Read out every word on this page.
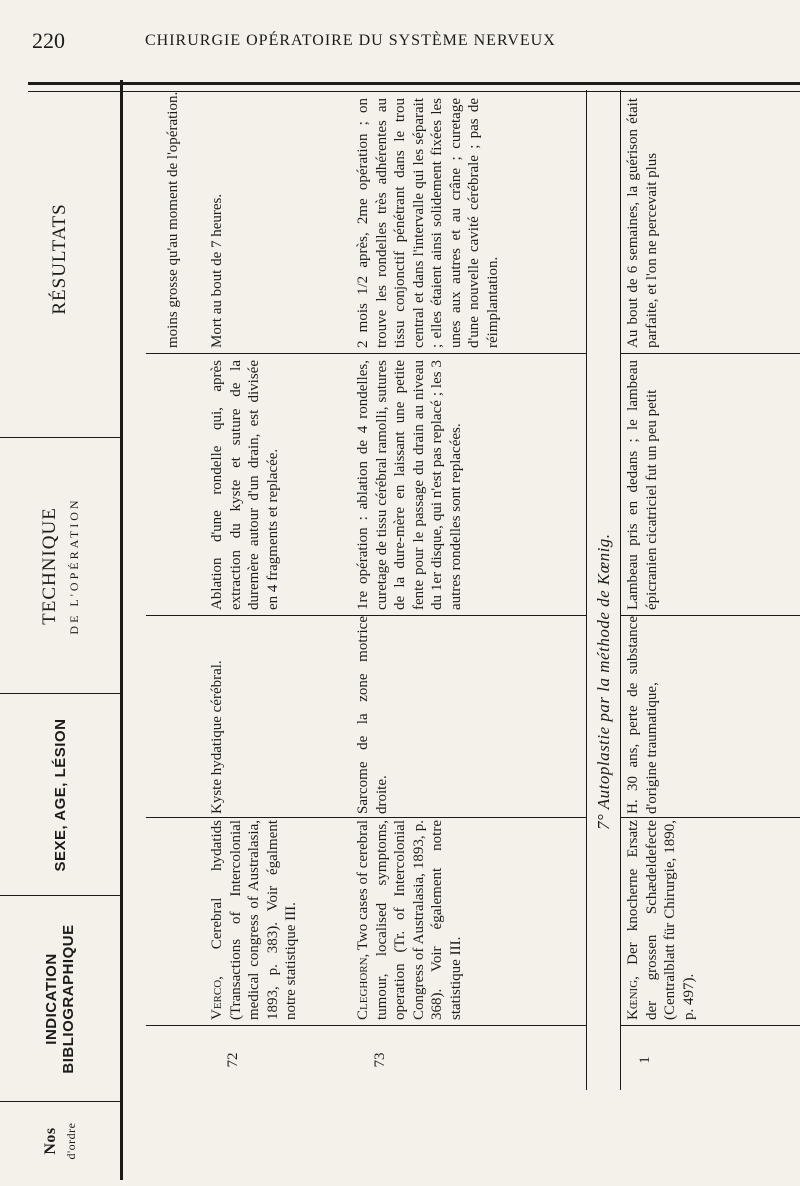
220	CHIRURGIE OPÉRATOIRE DU SYSTÈME NERVEUX
Nos d'ordre
INDICATION BIBLIOGRAPHIQUE
SEXE, AGE, LÉSION
TECHNIQUE DE L'OPÉRATION
RÉSULTATS	moins grosse qu'au moment de l'opération.
72
Verco, Cerebral hydatids (Transactions of Intercolonial medical congress of Australasia, 1893, p. 383). Voir égalment notre statistique III.
Kyste hydatique cérébral.
Ablation d'une rondelle qui, après extraction du kyste et suture de la duremère autour d'un drain, est divisée en 4 fragments et replacée.
Mort au bout de 7 heures.
73
Cleghorn, Two cases of cerebral tumour, localised symptoms, operation (Tr. of Intercolonial Congress of Australasia, 1893, p. 368). Voir également notre statistique III.
Sarcome de la zone motrice droite.
1re opération : ablation de 4 rondelles, curetage de tissu cérébral ramolli, sutures de la dure-mère en laissant une petite fente pour le passage du drain au niveau du 1er disque, qui n'est pas replacé ; les 3 autres rondelles sont replacées.
2 mois 1/2 après, 2me opération ; on trouve les rondelles très adhérentes au tissu conjonctif pénétrant dans le trou central et dans l'intervalle qui les séparait ; elles étaient ainsi solidement fixées les unes aux autres et au crâne ; curetage d'une nouvelle cavité cérébrale ; pas de réimplantation.
7° Autoplastie par la méthode de Kœnig.
1
Kœnig, Der knocherne Ersatz der grossen Schædeldefecte (Centralblatt für Chirurgie, 1890, p. 497).
H. 30 ans, perte de substance d'origine traumatique,
Lambeau pris en dedans ; le lambeau épicranien cicatriciel fut un peu petit
Au bout de 6 semaines, la guérison était parfaite, et l'on ne percevait plus
